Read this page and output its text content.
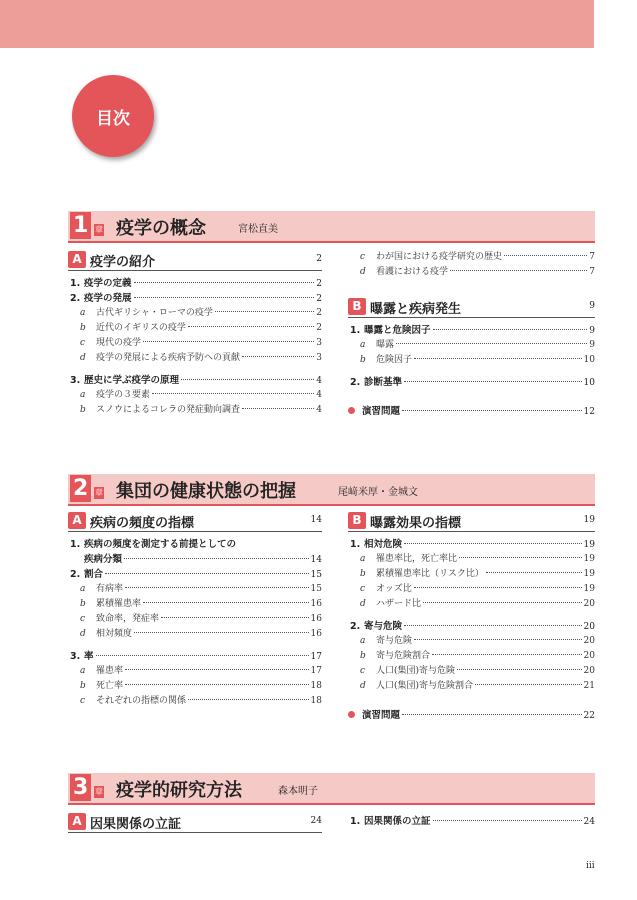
目次
1 章 疫学の概念	宮松直美
A 疫学の紹介	2
1. 疫学の定義	2
2. 疫学の発展	2
a	古代ギリシャ・ローマの疫学	2
b	近代のイギリスの疫学	2
c	現代の疫学	3
d	疫学の発展による疾病予防への貢献	3
3. 歴史に学ぶ疫学の原理	4
a	疫学の３要素	4
b	スノウによるコレラの発症動向調査	4
c	わが国における疫学研究の歴史	7
d	看護における疫学	7
B 曝露と疾病発生	9
1. 曝露と危険因子	9
a	曝露	9
b	危険因子	10
2. 診断基準	10
演習問題	12
2 章 集団の健康状態の把握	尾﨑米厚・金城文
A 疾病の頻度の指標	14
1. 疾病の頻度を測定する前提としての
疾病分類	14
2. 割合	15
a	有病率	15
b	累積罹患率	16
c	致命率，発症率	16
d	相対頻度	16
3. 率	17
a	罹患率	17
b	死亡率	18
c	それぞれの指標の関係	18
B 曝露効果の指標	19
1. 相対危険	19
a	罹患率比，死亡率比	19
b	累積罹患率比（リスク比）	19
c	オッズ比	19
d	ハザード比	20
2. 寄与危険	20
a	寄与危険	20
b	寄与危険割合	20
c	人口(集団)寄与危険	20
d	人口(集団)寄与危険割合	21
演習問題	22
3 章 疫学的研究方法	森本明子
A 因果関係の立証	24	1. 因果関係の立証	24
iii
